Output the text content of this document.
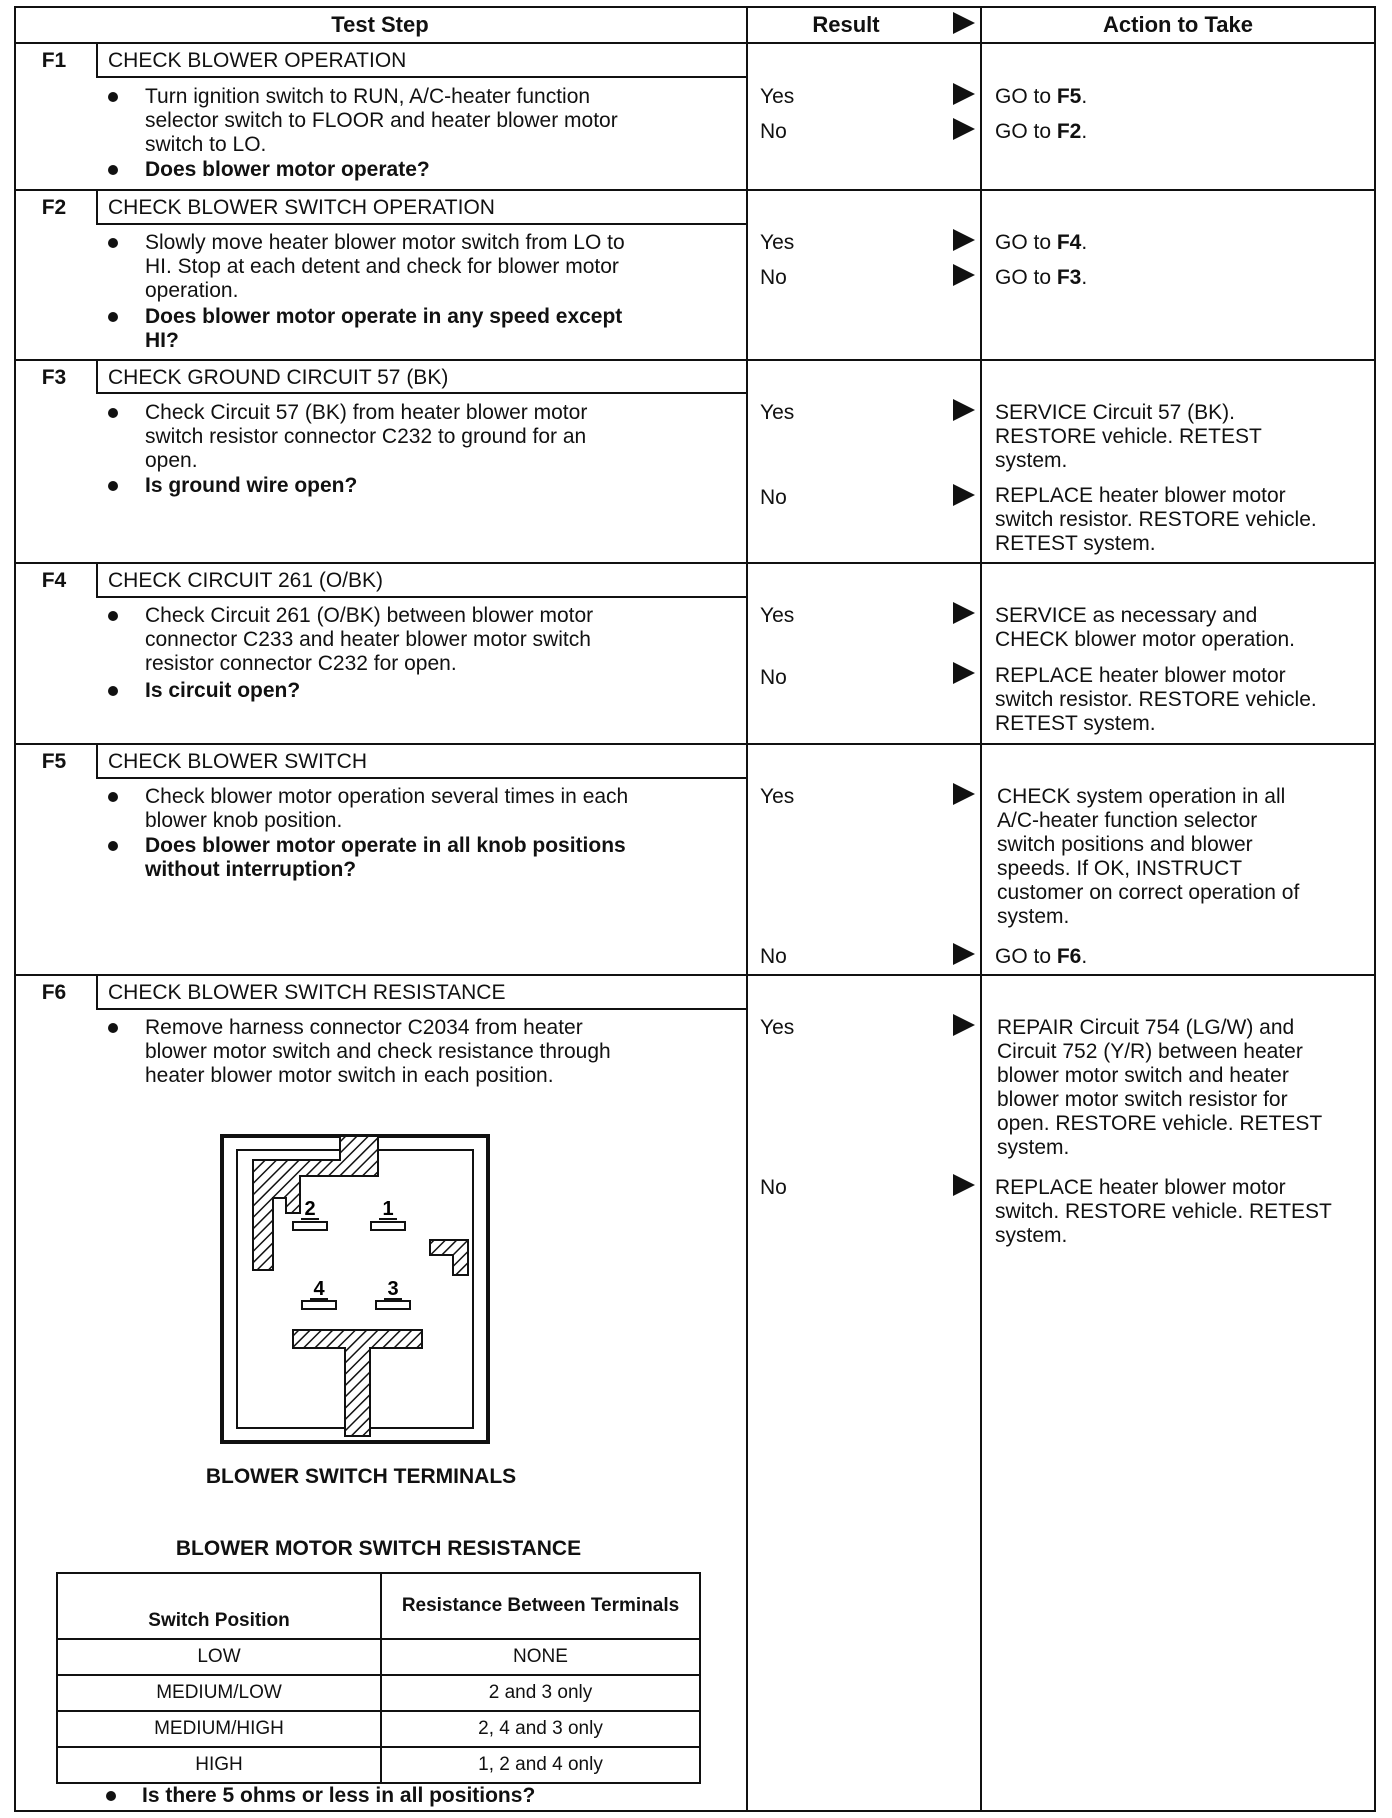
Test Step	Result	Action to Take
F1	CHECK BLOWER OPERATION
Turn ignition switch to RUN, A/C-heater function
selector switch to FLOOR and heater blower motor
switch to LO.
Does blower motor operate?
Yes	GO to F5.
No	GO to F2.
F2	CHECK BLOWER SWITCH OPERATION
Slowly move heater blower motor switch from LO to
HI. Stop at each detent and check for blower motor
operation.
Does blower motor operate in any speed except
HI?
Yes	GO to F4.
No	GO to F3.
F3	CHECK GROUND CIRCUIT 57 (BK)
Check Circuit 57 (BK) from heater blower motor
switch resistor connector C232 to ground for an
open.
Is ground wire open?
Yes	SERVICE Circuit 57 (BK).
RESTORE vehicle. RETEST
system.
No	REPLACE heater blower motor
switch resistor. RESTORE vehicle.
RETEST system.
F4	CHECK CIRCUIT 261 (O/BK)
Check Circuit 261 (O/BK) between blower motor
connector C233 and heater blower motor switch
resistor connector C232 for open.
Is circuit open?
Yes	SERVICE as necessary and
CHECK blower motor operation.
No	REPLACE heater blower motor
switch resistor. RESTORE vehicle.
RETEST system.
F5	CHECK BLOWER SWITCH
Check blower motor operation several times in each
blower knob position.
Does blower motor operate in all knob positions
without interruption?
Yes	CHECK system operation in all
A/C-heater function selector
switch positions and blower
speeds. If OK, INSTRUCT
customer on correct operation of
system.
No	GO to F6.
F6	CHECK BLOWER SWITCH RESISTANCE
Remove harness connector C2034 from heater
blower motor switch and check resistance through
heater blower motor switch in each position.
Yes	REPAIR Circuit 754 (LG/W) and
Circuit 752 (Y/R) between heater
blower motor switch and heater
blower motor switch resistor for
open. RESTORE vehicle. RETEST
system.
No	REPLACE heater blower motor
switch. RESTORE vehicle. RETEST
system.
2	1
4	3
BLOWER SWITCH TERMINALS
BLOWER MOTOR SWITCH RESISTANCE
Switch Position	Resistance Between Terminals
LOW	NONE
MEDIUM/LOW	2 and 3 only
MEDIUM/HIGH	2, 4 and 3 only
HIGH	1, 2 and 4 only
Is there 5 ohms or less in all positions?
